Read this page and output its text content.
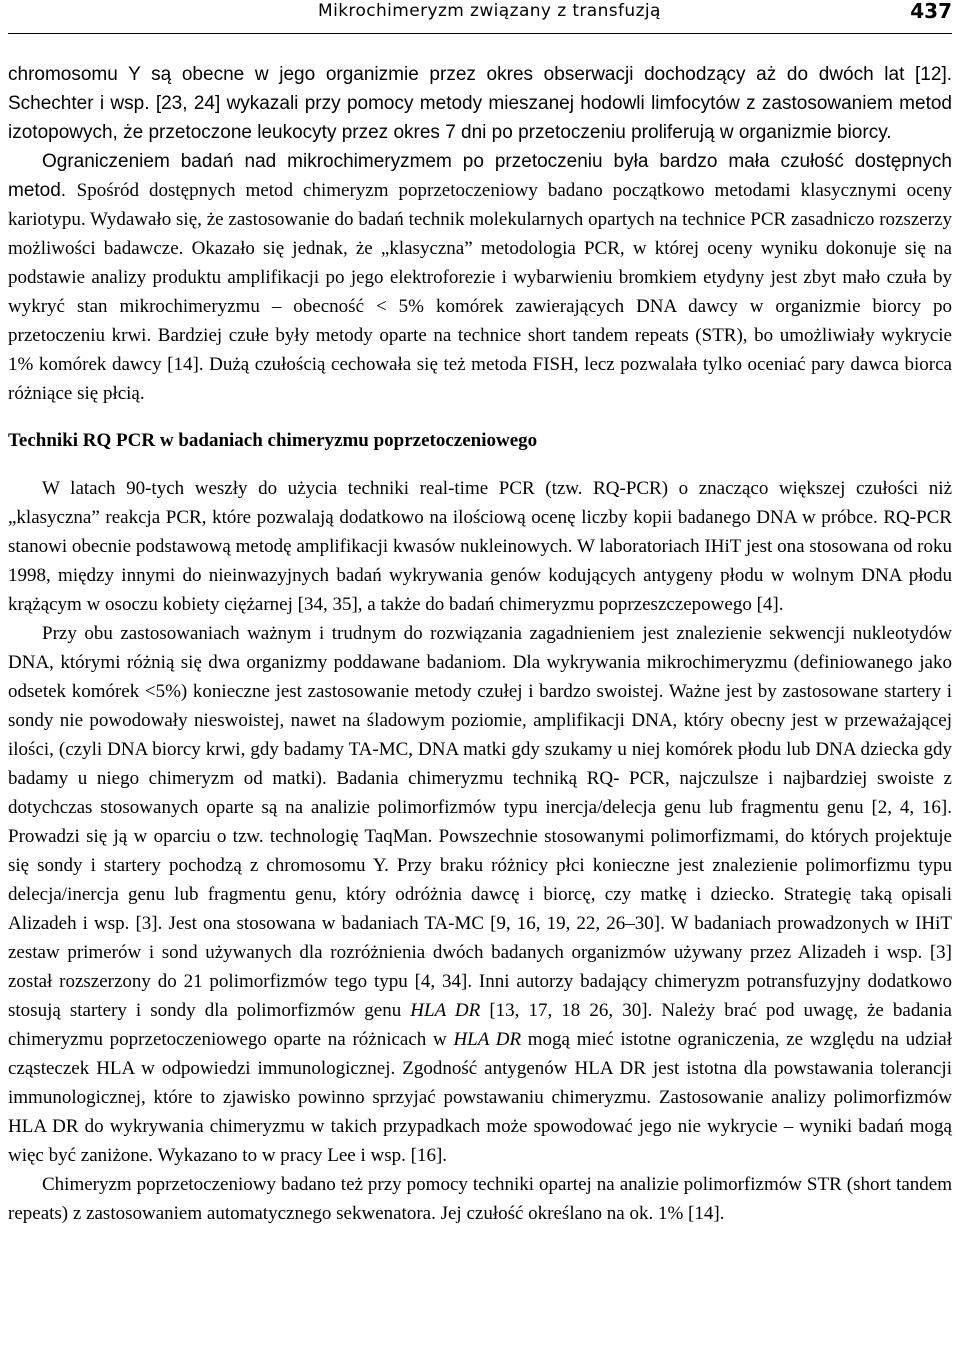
Mikrochimeryzm związany z transfuzją	437

chromosomu Y są obecne w jego organizmie przez okres obserwacji dochodzący aż do dwóch lat [12]. Schechter i wsp. [23, 24] wykazali przy pomocy metody mieszanej hodowli limfocytów z zastosowaniem metod izotopowych, że przetoczone leukocyty przez okres 7 dni po przetoczeniu proliferują w organizmie biorcy.

Ograniczeniem badań nad mikrochimeryzmem po przetoczeniu była bardzo mała czułość dostępnych metod. Spośród dostępnych metod chimeryzm poprzetoczeniowy badano początkowo metodami klasycznymi oceny kariotypu. Wydawało się, że zastosowanie do badań technik molekularnych opartych na technice PCR zasadniczo rozszerzy możliwości badawcze. Okazało się jednak, że „klasyczna” metodologia PCR, w której oceny wyniku dokonuje się na podstawie analizy produktu amplifikacji po jego elektroforezie i wybarwieniu bromkiem etydyny jest zbyt mało czuła by wykryć stan mikrochimeryzmu – obecność < 5% komórek zawierających DNA dawcy w organizmie biorcy po przetoczeniu krwi. Bardziej czułe były metody oparte na technice short tandem repeats (STR), bo umożliwiały wykrycie 1% komórek dawcy [14]. Dużą czułością cechowała się też metoda FISH, lecz pozwalała tylko oceniać pary dawca biorca różniące się płcią.

Techniki RQ PCR w badaniach chimeryzmu poprzetoczeniowego

W latach 90-tych weszły do użycia techniki real-time PCR (tzw. RQ-PCR) o znacząco większej czułości niż „klasyczna” reakcja PCR, które pozwalają dodatkowo na ilościową ocenę liczby kopii badanego DNA w próbce. RQ-PCR stanowi obecnie podstawową metodę amplifikacji kwasów nukleinowych. W laboratoriach IHiT jest ona stosowana od roku 1998, między innymi do nieinwazyjnych badań wykrywania genów kodujących antygeny płodu w wolnym DNA płodu krążącym w osoczu kobiety ciężarnej [34, 35], a także do badań chimeryzmu poprzeszczepowego [4].

Przy obu zastosowaniach ważnym i trudnym do rozwiązania zagadnieniem jest znalezienie sekwencji nukleotydów DNA, którymi różnią się dwa organizmy poddawane badaniom. Dla wykrywania mikrochimeryzmu (definiowanego jako odsetek komórek <5%) konieczne jest zastosowanie metody czułej i bardzo swoistej. Ważne jest by zastosowane startery i sondy nie powodowały nieswoistej, nawet na śladowym poziomie, amplifikacji DNA, który obecny jest w przeważającej ilości, (czyli DNA biorcy krwi, gdy badamy TA-MC, DNA matki gdy szukamy u niej komórek płodu lub DNA dziecka gdy badamy u niego chimeryzm od matki). Badania chimeryzmu techniką RQ- PCR, najczulsze i najbardziej swoiste z dotychczas stosowanych oparte są na analizie polimorfizmów typu inercja/delecja genu lub fragmentu genu [2, 4, 16]. Prowadzi się ją w oparciu o tzw. technologię TaqMan. Powszechnie stosowanymi polimorfizmami, do których projektuje się sondy i startery pochodzą z chromosomu Y. Przy braku różnicy płci konieczne jest znalezienie polimorfizmu typu delecja/inercja genu lub fragmentu genu, który odróżnia dawcę i biorcę, czy matkę i dziecko. Strategię taką opisali Alizadeh i wsp. [3]. Jest ona stosowana w badaniach TA-MC [9, 16, 19, 22, 26–30]. W badaniach prowadzonych w IHiT zestaw primerów i sond używanych dla rozróżnienia dwóch badanych organizmów używany przez Alizadeh i wsp. [3] został rozszerzony do 21 polimorfizmów tego typu [4, 34]. Inni autorzy badający chimeryzm potransfuzyjny dodatkowo stosują startery i sondy dla polimorfizmów genu HLA DR [13, 17, 18 26, 30]. Należy brać pod uwagę, że badania chimeryzmu poprzetoczeniowego oparte na różnicach w HLA DR mogą mieć istotne ograniczenia, ze względu na udział cząsteczek HLA w odpowiedzi immunologicznej. Zgodność antygenów HLA DR jest istotna dla powstawania tolerancji immunologicznej, które to zjawisko powinno sprzyjać powstawaniu chimeryzmu. Zastosowanie analizy polimorfizmów HLA DR do wykrywania chimeryzmu w takich przypadkach może spowodować jego nie wykrycie – wyniki badań mogą więc być zaniżone. Wykazano to w pracy Lee i wsp. [16].

Chimeryzm poprzetoczeniowy badano też przy pomocy techniki opartej na analizie polimorfizmów STR (short tandem repeats) z zastosowaniem automatycznego sekwenatora. Jej czułość określano na ok. 1% [14].
